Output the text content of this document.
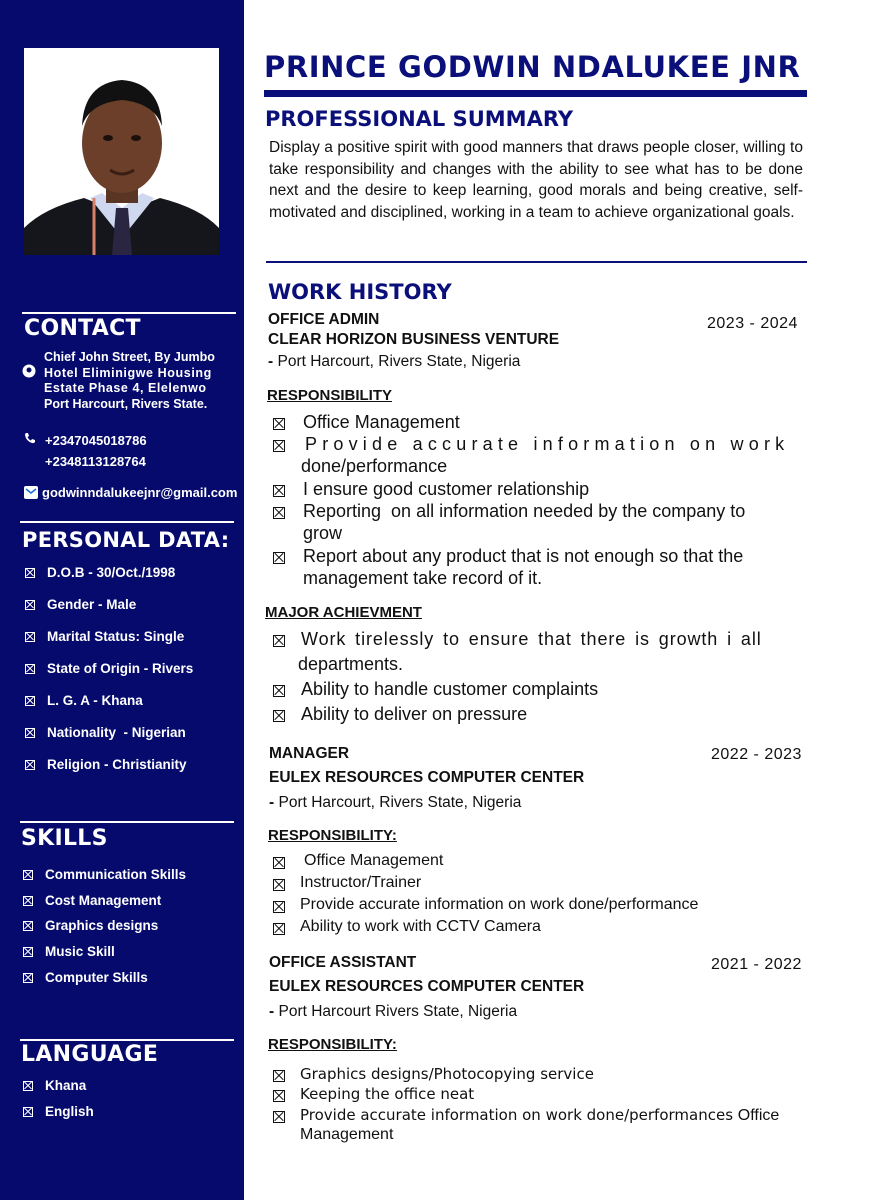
CONTACT
Chief John Street, By Jumbo
Hotel Eliminigwe Housing
Estate Phase 4, Elelenwo
Port Harcourt, Rivers State.
+2347045018786
+2348113128764
godwinndalukeejnr@gmail.com
PERSONAL DATA:
D.O.B - 30/Oct./1998
Gender - Male
Marital Status: Single
State of Origin - Rivers
L. G. A - Khana
Nationality  - Nigerian
Religion - Christianity
SKILLS
Communication Skills
Cost Management
Graphics designs
Music Skill
Computer Skills
LANGUAGE
Khana
English
PRINCE GODWIN NDALUKEE JNR
PROFESSIONAL SUMMARY
Display a positive spirit with good manners that draws people closer, willing to take responsibility and changes with the ability to see what has to be done next and the desire to keep learning, good morals and being creative, self-motivated and disciplined, working in a team to achieve organizational goals.
WORK HISTORY
OFFICE ADMIN	2023 - 2024
CLEAR HORIZON BUSINESS VENTURE
- Port Harcourt, Rivers State, Nigeria
RESPONSIBILITY
Office Management
Provide accurate information on work
done/performance
I ensure good customer relationship
Reporting  on all information needed by the company to
grow
Report about any product that is not enough so that the
management take record of it.
MAJOR ACHIEVMENT
Work tirelessly to ensure that there is growth i all
departments.
Ability to handle customer complaints
Ability to deliver on pressure
MANAGER	2022 - 2023
EULEX RESOURCES COMPUTER CENTER
- Port Harcourt, Rivers State, Nigeria
RESPONSIBILITY:
Office Management
Instructor/Trainer
Provide accurate information on work done/performance
Ability to work with CCTV Camera
OFFICE ASSISTANT	2021 - 2022
EULEX RESOURCES COMPUTER CENTER
- Port Harcourt Rivers State, Nigeria
RESPONSIBILITY:
Graphics designs/Photocopying service
Keeping the office neat
Provide accurate information on work done/performances Office
Management
